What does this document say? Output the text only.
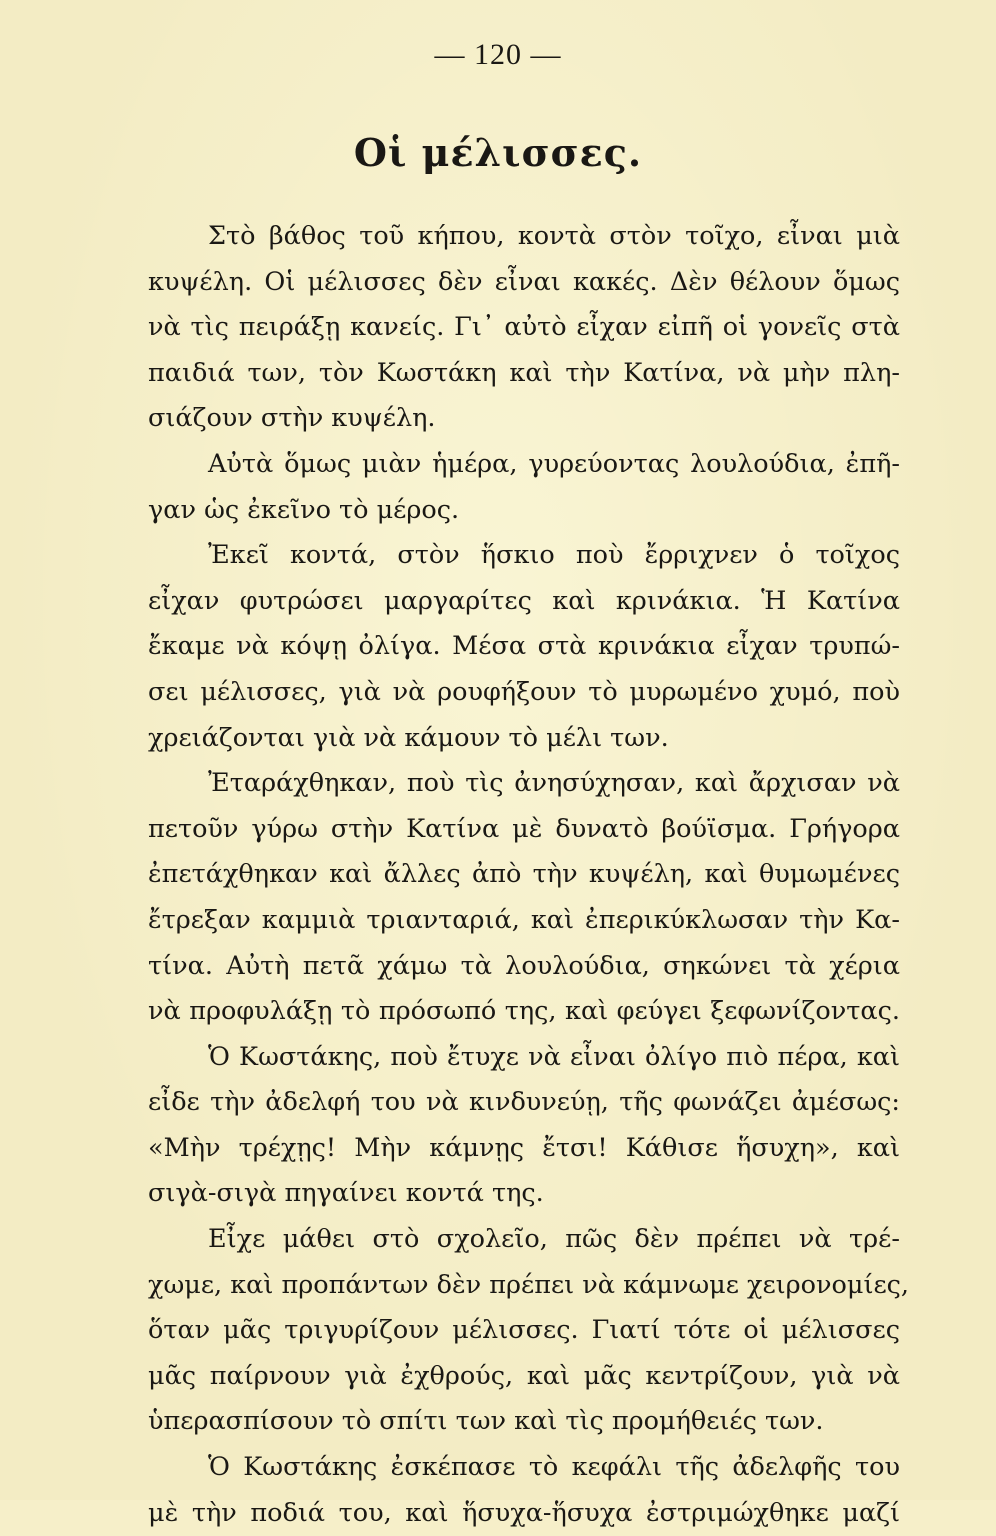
— 120 —
Οἱ μέλισσες.
Στὸ βάθος τοῦ κήπου, κοντὰ στὸν τοῖχο, εἶναι μιὰ
κυψέλη. Οἱ μέλισσες δὲν εἶναι κακές. Δὲν θέλουν ὅμως
νὰ τὶς πειράξῃ κανείς. Γι᾿ αὐτὸ εἶχαν εἰπῆ οἱ γονεῖς στὰ
παιδιά των, τὸν Κωστάκη καὶ τὴν Κατίνα, νὰ μὴν πλη-
σιάζουν στὴν κυψέλη.
Αὐτὰ ὅμως μιὰν ἡμέρα, γυρεύοντας λουλούδια, ἐπῆ-
γαν ὡς ἐκεῖνο τὸ μέρος.
Ἐκεῖ κοντά, στὸν ἥσκιο ποὺ ἔρριχνεν ὁ τοῖχος
εἶχαν φυτρώσει μαργαρίτες καὶ κρινάκια. Ἡ Κατίνα
ἔκαμε νὰ κόψῃ ὀλίγα. Μέσα στὰ κρινάκια εἶχαν τρυπώ-
σει μέλισσες, γιὰ νὰ ρουφήξουν τὸ μυρωμένο χυμό, ποὺ
χρειάζονται γιὰ νὰ κάμουν τὸ μέλι των.
Ἐταράχθηκαν, ποὺ τὶς ἀνησύχησαν, καὶ ἄρχισαν νὰ
πετοῦν γύρω στὴν Κατίνα μὲ δυνατὸ βούϊσμα. Γρήγορα
ἐπετάχθηκαν καὶ ἄλλες ἀπὸ τὴν κυψέλη, καὶ θυμωμένες
ἔτρεξαν καμμιὰ τριανταριά, καὶ ἐπερικύκλωσαν τὴν Κα-
τίνα. Αὐτὴ πετᾶ χάμω τὰ λουλούδια, σηκώνει τὰ χέρια
νὰ προφυλάξῃ τὸ πρόσωπό της, καὶ φεύγει ξεφωνίζοντας.
Ὁ Κωστάκης, ποὺ ἔτυχε νὰ εἶναι ὀλίγο πιὸ πέρα, καὶ
εἶδε τὴν ἀδελφή του νὰ κινδυνεύῃ, τῆς φωνάζει ἀμέσως:
«Μὴν τρέχῃς! Μὴν κάμνῃς ἔτσι! Κάθισε ἥσυχη», καὶ
σιγὰ-σιγὰ πηγαίνει κοντά της.
Εἶχε μάθει στὸ σχολεῖο, πῶς δὲν πρέπει νὰ τρέ-
χωμε, καὶ προπάντων δὲν πρέπει νὰ κάμνωμε χειρονομίες,
ὅταν μᾶς τριγυρίζουν μέλισσες. Γιατί τότε οἱ μέλισσες
μᾶς παίρνουν γιὰ ἐχθρούς, καὶ μᾶς κεντρίζουν, γιὰ νὰ
ὑπερασπίσουν τὸ σπίτι των καὶ τὶς προμήθειές των.
Ὁ Κωστάκης ἐσκέπασε τὸ κεφάλι τῆς ἀδελφῆς του
μὲ τὴν ποδιά του, καὶ ἥσυχα-ἥσυχα ἐστριμώχθηκε μαζί
